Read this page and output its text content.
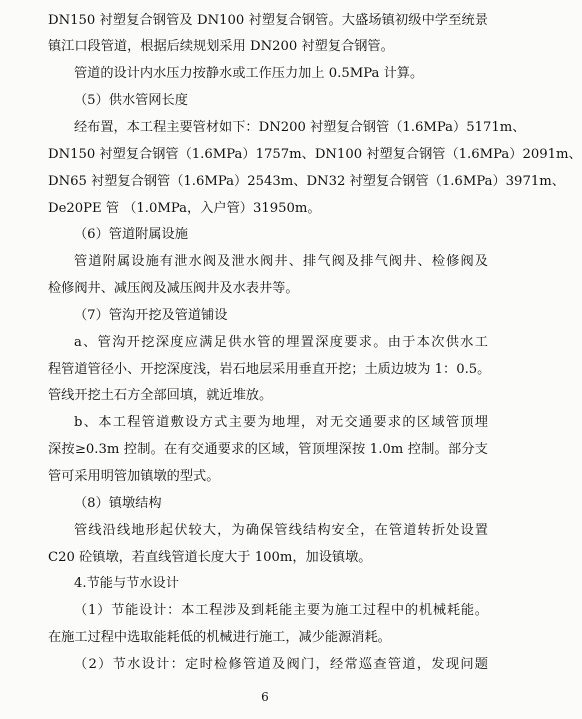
DN150 衬塑复合钢管及 DN100 衬塑复合钢管。大盛场镇初级中学至统景
镇江口段管道，根据后续规划采用 DN200 衬塑复合钢管。
管道的设计内水压力按静水或工作压力加上 0.5MPa 计算。
（5）供水管网长度
经布置，本工程主要管材如下：DN200 衬塑复合钢管（1.6MPa）5171m、
DN150 衬塑复合钢管（1.6MPa）1757m、DN100 衬塑复合钢管（1.6MPa）2091m、
DN65 衬塑复合钢管（1.6MPa）2543m、DN32 衬塑复合钢管（1.6MPa）3971m、
De20PE 管 （1.0MPa，入户管）31950m。
（6）管道附属设施
管道附属设施有泄水阀及泄水阀井、排气阀及排气阀井、检修阀及
检修阀井、减压阀及减压阀井及水表井等。
（7）管沟开挖及管道铺设
a、管沟开挖深度应满足供水管的埋置深度要求。由于本次供水工
程管道管径小、开挖深度浅，岩石地层采用垂直开挖；土质边坡为 1：0.5。
管线开挖土石方全部回填，就近堆放。
b、本工程管道敷设方式主要为地埋，对无交通要求的区域管顶埋
深按≥0.3m 控制。在有交通要求的区域，管顶埋深按 1.0m 控制。部分支
管可采用明管加镇墩的型式。
（8）镇墩结构
管线沿线地形起伏较大，为确保管线结构安全，在管道转折处设置
C20 砼镇墩，若直线管道长度大于 100m，加设镇墩。
4.节能与节水设计
（1）节能设计：本工程涉及到耗能主要为施工过程中的机械耗能。
在施工过程中选取能耗低的机械进行施工，减少能源消耗。
（2）节水设计：定时检修管道及阀门，经常巡查管道，发现问题
6
